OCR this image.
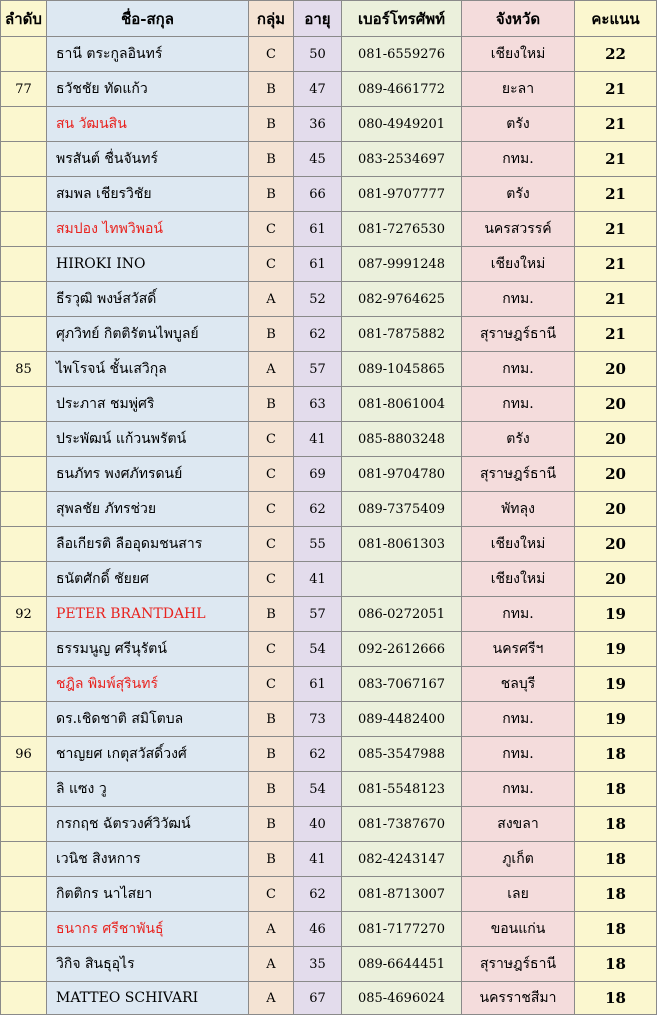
ลำดับ	ชื่อ-สกุล	กลุ่ม	อายุ	เบอร์โทรศัพท์	จังหวัด	คะแนน
	ธานี ตระกูลอินทร์	C	50	081-6559276	เชียงใหม่	22
77	ธวัชชัย ทัดแก้ว	B	47	089-4661772	ยะลา	21
	สน วัฒนสิน	B	36	080-4949201	ตรัง	21
	พรสันต์ ชื่นจันทร์	B	45	083-2534697	กทม.	21
	สมพล เชียรวิชัย	B	66	081-9707777	ตรัง	21
	สมปอง ไทพวิพอน์	C	61	081-7276530	นครสวรรค์	21
	HIROKI INO	C	61	087-9991248	เชียงใหม่	21
	ธีรวุฒิ พงษ์สวัสดิ์	A	52	082-9764625	กทม.	21
	ศุภวิทย์ กิตติรัตนไพบูลย์	B	62	081-7875882	สุราษฎร์ธานี	21
85	ไพโรจน์ ชั้นเสวิกุล	A	57	089-1045865	กทม.	20
	ประภาส ชมพู่ศริ	B	63	081-8061004	กทม.	20
	ประพัฒน์ แก้วนพรัตน์	C	41	085-8803248	ตรัง	20
	ธนภัทร พงศภัทรดนย์	C	69	081-9704780	สุราษฎร์ธานี	20
	สุพลชัย ภัทรช่วย	C	62	089-7375409	พัทลุง	20
	ลือเกียรติ ลืออุดมชนสาร	C	55	081-8061303	เชียงใหม่	20
	ธนัตศักดิ์ ชัยยศ	C	41		เชียงใหม่	20
92	PETER BRANTDAHL	B	57	086-0272051	กทม.	19
	ธรรมนูญ ศรีนุรัตน์	C	54	092-2612666	นครศรีฯ	19
	ชฎิล พิมพ์สุรินทร์	C	61	083-7067167	ชลบุรี	19
	ดร.เชิดชาติ สมิโตบล	B	73	089-4482400	กทม.	19
96	ชาญยศ เกตุสวัสดิ์วงศ์	B	62	085-3547988	กทม.	18
	ลิ แซง วู	B	54	081-5548123	กทม.	18
	กรกฤช ฉัตรวงศ์วิวัฒน์	B	40	081-7387670	สงขลา	18
	เวนิช สิงหการ	B	41	082-4243147	ภูเก็ต	18
	กิตติกร นาไสยา	C	62	081-8713007	เลย	18
	ธนากร ศรีชาพันธุ์	A	46	081-7177270	ขอนแก่น	18
	วิกิจ สินธุอุไร	A	35	089-6644451	สุราษฎร์ธานี	18
	MATTEO SCHIVARI	A	67	085-4696024	นครราชสีมา	18
